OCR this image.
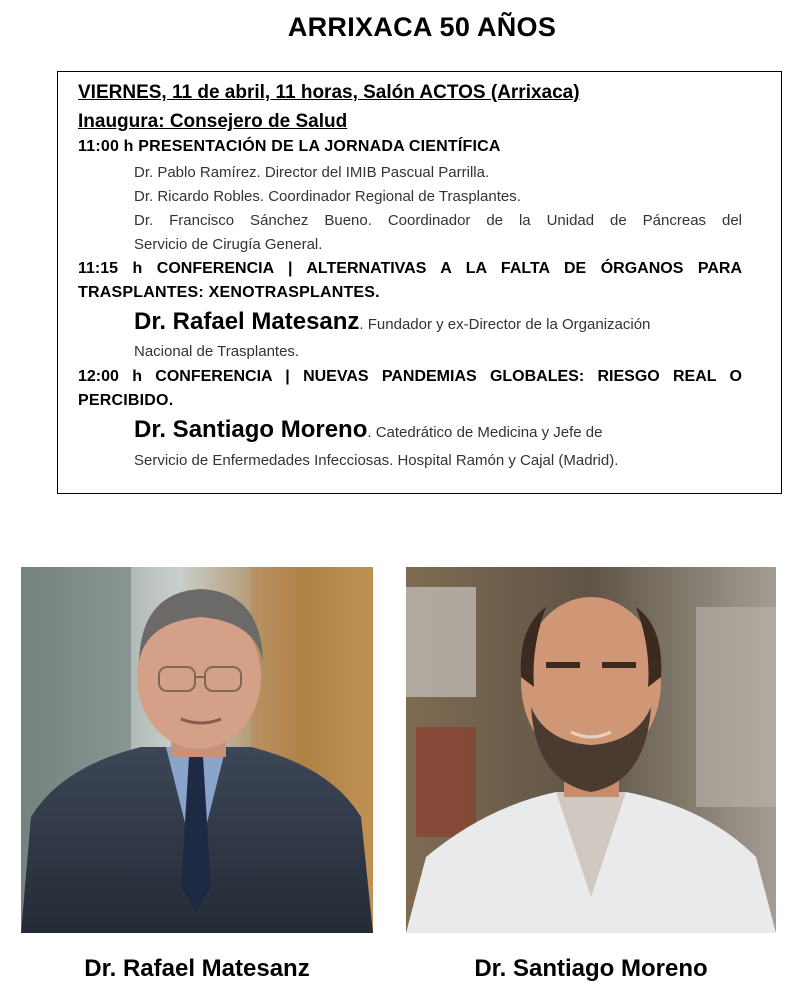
ARRIXACA 50 AÑOS
VIERNES, 11 de abril, 11 horas, Salón ACTOS (Arrixaca)
Inaugura: Consejero de Salud
11:00 h PRESENTACIÓN DE LA JORNADA CIENTÍFICA
Dr. Pablo Ramírez. Director del IMIB Pascual Parrilla.
Dr. Ricardo Robles. Coordinador Regional de Trasplantes.
Dr. Francisco Sánchez Bueno. Coordinador de la Unidad de Páncreas del
Servicio de Cirugía General.
11:15 h CONFERENCIA | ALTERNATIVAS A LA FALTA DE ÓRGANOS PARA
TRASPLANTES: XENOTRASPLANTES.
Dr. Rafael Matesanz. Fundador y ex-Director de la Organización
Nacional de Trasplantes.
12:00 h CONFERENCIA | NUEVAS PANDEMIAS GLOBALES: RIESGO REAL O
PERCIBIDO.
Dr. Santiago Moreno. Catedrático de Medicina y Jefe de
Servicio de Enfermedades Infecciosas. Hospital Ramón y Cajal (Madrid).
Dr. Rafael Matesanz	Dr. Santiago Moreno
